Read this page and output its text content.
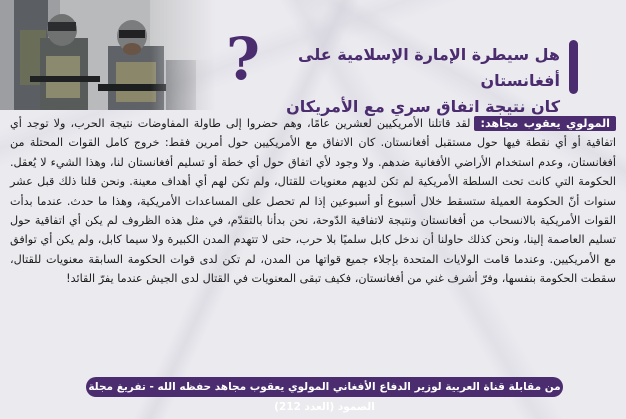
?	هل سيطرة الإمارة الإسلامية على أفغانستان
كان نتيجة اتفاق سري مع الأمريكان
المولوي يعقوب مجاهد:لقد قاتلنا الأمريكيين لعشرين عامًا، وهم حضروا إلى طاولة المفاوضات نتيجة الحرب، ولا توجد أي اتفاقية أو أي نقطة فيها حول مستقبل أفغانستان. كان الاتفاق مع الأمريكيين حول أمرين فقط: خروج كامل القوات المحتلة من أفغانستان، وعدم استخدام الأراضي الأفغانية ضدهم. ولا وجود لأي اتفاق حول أي خطة أو تسليم أفغانستان لنا، وهذا الشيء لا يُعقل. الحكومة التي كانت تحت السلطة الأمريكية لم تكن لديهم معنويات للقتال، ولم تكن لهم أي أهداف معينة. ونحن قلنا ذلك قبل عشر سنوات أنّ الحكومة العميلة ستسقط خلال أسبوع أو أسبوعين إذا لم تحصل على المساعدات الأمريكية، وهذا ما حدث. عندما بدأت القوات الأمريكية بالانسحاب من أفغانستان ونتيجة لاتفاقية الدّوحة، نحن بدأنا بالتقدّم، في مثل هذه الظروف لم يكن أي اتفاقية حول تسليم العاصمة إلينا، ونحن كذلك حاولنا أن ندخل كابل سلميًا بلا حرب، حتى لا تتهدم المدن الكبيرة ولا سيما كابل، ولم يكن أي توافق مع الأمريكيين. وعندما قامت الولايات المتحدة بإجلاء جميع قواتها من المدن، لم تكن لدى قوات الحكومة السابقة معنويات للقتال، سقطت الحكومة بنفسها، وفرّ أشرف غني من أفغانستان، فكيف تبقى المعنويات في القتال لدى الجيش عندما يفرّ القائد!
من مقابلة قناة العربية لوزير الدفاع الأفغاني المولوي يعقوب مجاهد حفظه الله - تفريغ مجلة الصمود (العدد 212)
